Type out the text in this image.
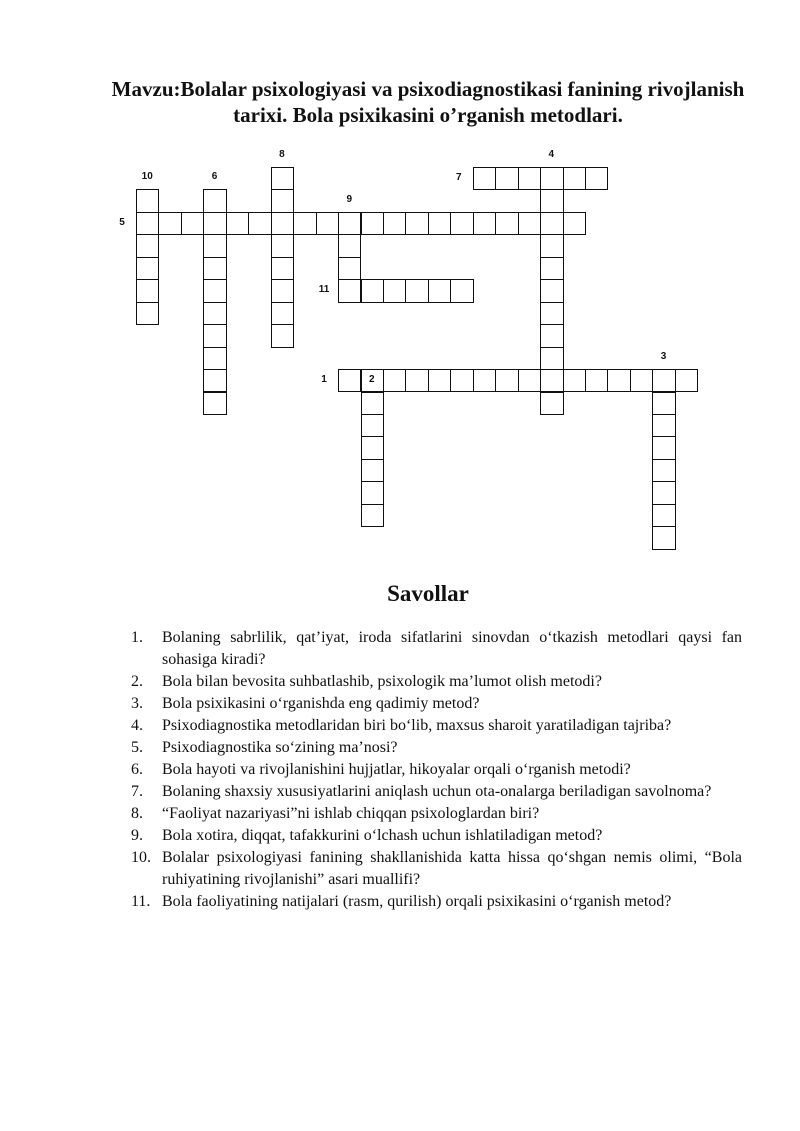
Mavzu:Bolalar psixologiyasi va psixodiagnostikasi fanining rivojlanish tarixi. Bola psixikasini o’rganish metodlari.
1	2
3
4
5
6	7
8
9
10
11
Savollar
1.	Bolaning sabrlilik, qat’iyat, iroda sifatlarini sinovdan o‘tkazish metodlari qaysi fan sohasiga kiradi?
2.	Bola bilan bevosita suhbatlashib, psixologik ma’lumot olish metodi?
3.	Bola psixikasini o‘rganishda eng qadimiy metod?
4.	Psixodiagnostika metodlaridan biri bo‘lib, maxsus sharoit yaratiladigan tajriba?
5.	Psixodiagnostika so‘zining ma’nosi?
6.	Bola hayoti va rivojlanishini hujjatlar, hikoyalar orqali o‘rganish metodi?
7.	Bolaning shaxsiy xususiyatlarini aniqlash uchun ota-onalarga beriladigan savolnoma?
8.	“Faoliyat nazariyasi”ni ishlab chiqqan psixologlardan biri?
9.	Bola xotira, diqqat, tafakkurini o‘lchash uchun ishlatiladigan metod?
10. Bolalar psixologiyasi fanining shakllanishida katta hissa qo‘shgan nemis olimi, “Bola ruhiyatining rivojlanishi” asari muallifi?
11. Bola faoliyatining natijalari (rasm, qurilish) orqali psixikasini o‘rganish metod?
